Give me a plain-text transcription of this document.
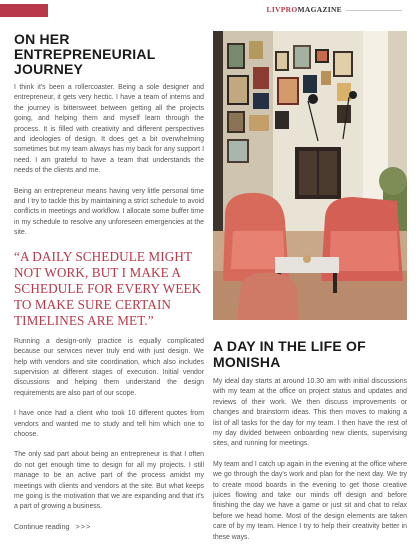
LIVPROMAGAZINE
ON HER ENTREPRENEURIAL JOURNEY

I think it's been a rollercoaster. Being a sole designer and entrepreneur, it gets very hectic. I have a team of interns and the journey is bittersweet between getting all the projects going, and helping them and myself learn through the process. It is filled with creativity and different perspectives and ideologies of design. It does get a bit overwhelming sometimes but my team always has my back for any support I need. I am grateful to have a team that understands the needs of the clients and me.

Being an entrepreneur means having very little personal time and I try to tackle this by maintaining a strict schedule to avoid conflicts in meetings and workflow. I allocate some buffer time in my schedule to resolve any unforeseen emergencies at the site.

“A DAILY SCHEDULE MIGHT NOT WORK, BUT I MAKE A SCHEDULE FOR EVERY WEEK TO MAKE SURE CERTAIN TIMELINES ARE MET.”

Running a design-only practice is equally complicated because our services never truly end with just design. We help with vendors and site coordination, which also includes supervision at different stages of execution. Initial vendor discussions and helping them understand the design requirements are also part of our scope.

I have once had a client who took 10 different quotes from vendors and wanted me to study and tell him which one to choose.

The only sad part about being an entrepreneur is that I often do not get enough time to design for all my projects. I still manage to be an active part of the process amidst my meetings with clients and vendors at the site. But what keeps me going is the motivation that we are expanding and that it's a part of growing a business.

Continue reading >>>
A DAY IN THE LIFE OF MONISHA

My ideal day starts at around 10.30 am with initial discussions with my team at the office on project status and updates and reviews of their work. We then discuss improvements or changes and brainstorm ideas. This then moves to making a list of all tasks for the day for my team. I then have the rest of my day divided between onboarding new clients, supervising sites, and running for meetings.

My team and I catch up again in the evening at the office where we go through the day's work and plan for the next day. We try to create mood boards in the evening to get those creative juices flowing and take our minds off design and before finishing the day we have a game or just sit and chat to relax before we head home. Most of the design elements are taken care of by my team. Hence I try to help their creativity better in these ways.
